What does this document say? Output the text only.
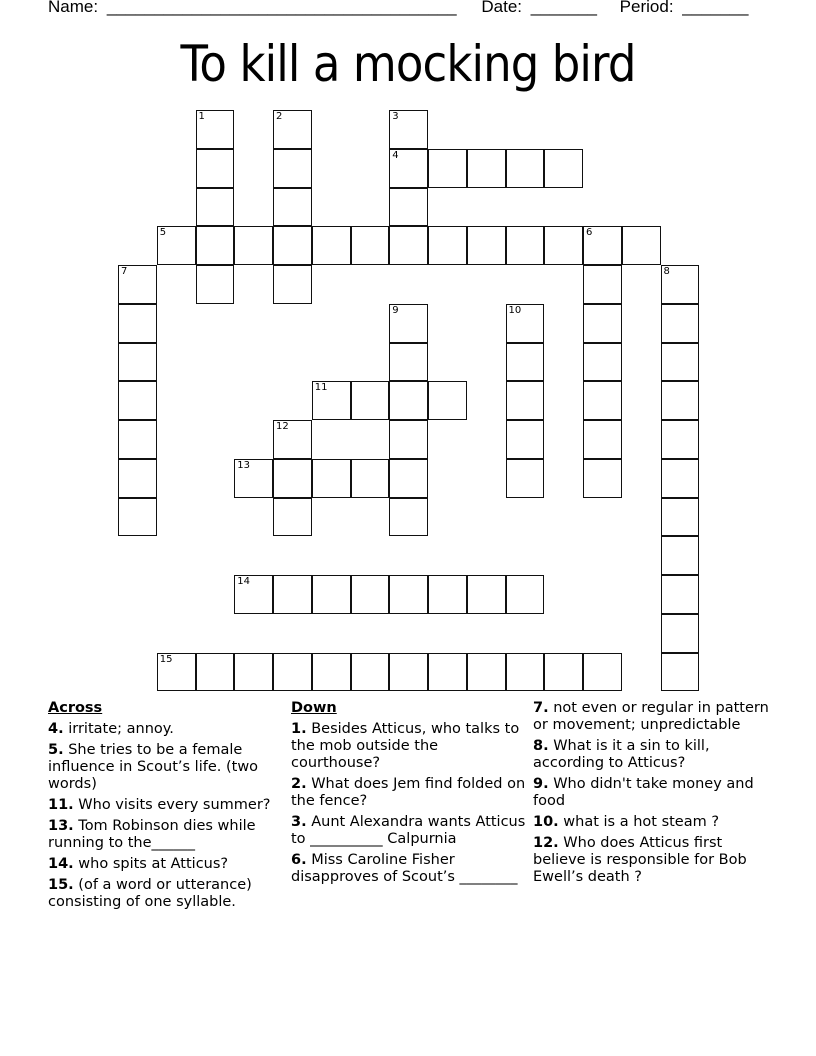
Name: _____________________________________ Date: _______ Period: _______
To kill a mocking bird
1	2	3
4
5	6
7	8
9	10
11
12
13
14
15
Across
4. irritate; annoy.
5. She tries to be a female influence in Scout’s life. (two words)
11. Who visits every summer?
13. Tom Robinson dies while running to the______
14. who spits at Atticus?
15. (of a word or utterance) consisting of one syllable.
Down
1. Besides Atticus, who talks to the mob outside the courthouse?
2. What does Jem find folded on the fence?
3. Aunt Alexandra wants Atticus to __________ Calpurnia
6. Miss Caroline Fisher disapproves of Scout’s ________
7. not even or regular in pattern or movement; unpredictable
8. What is it a sin to kill, according to Atticus?
9. Who didn't take money and food
10. what is a hot steam ?
12. Who does Atticus first believe is responsible for Bob Ewell’s death ?
